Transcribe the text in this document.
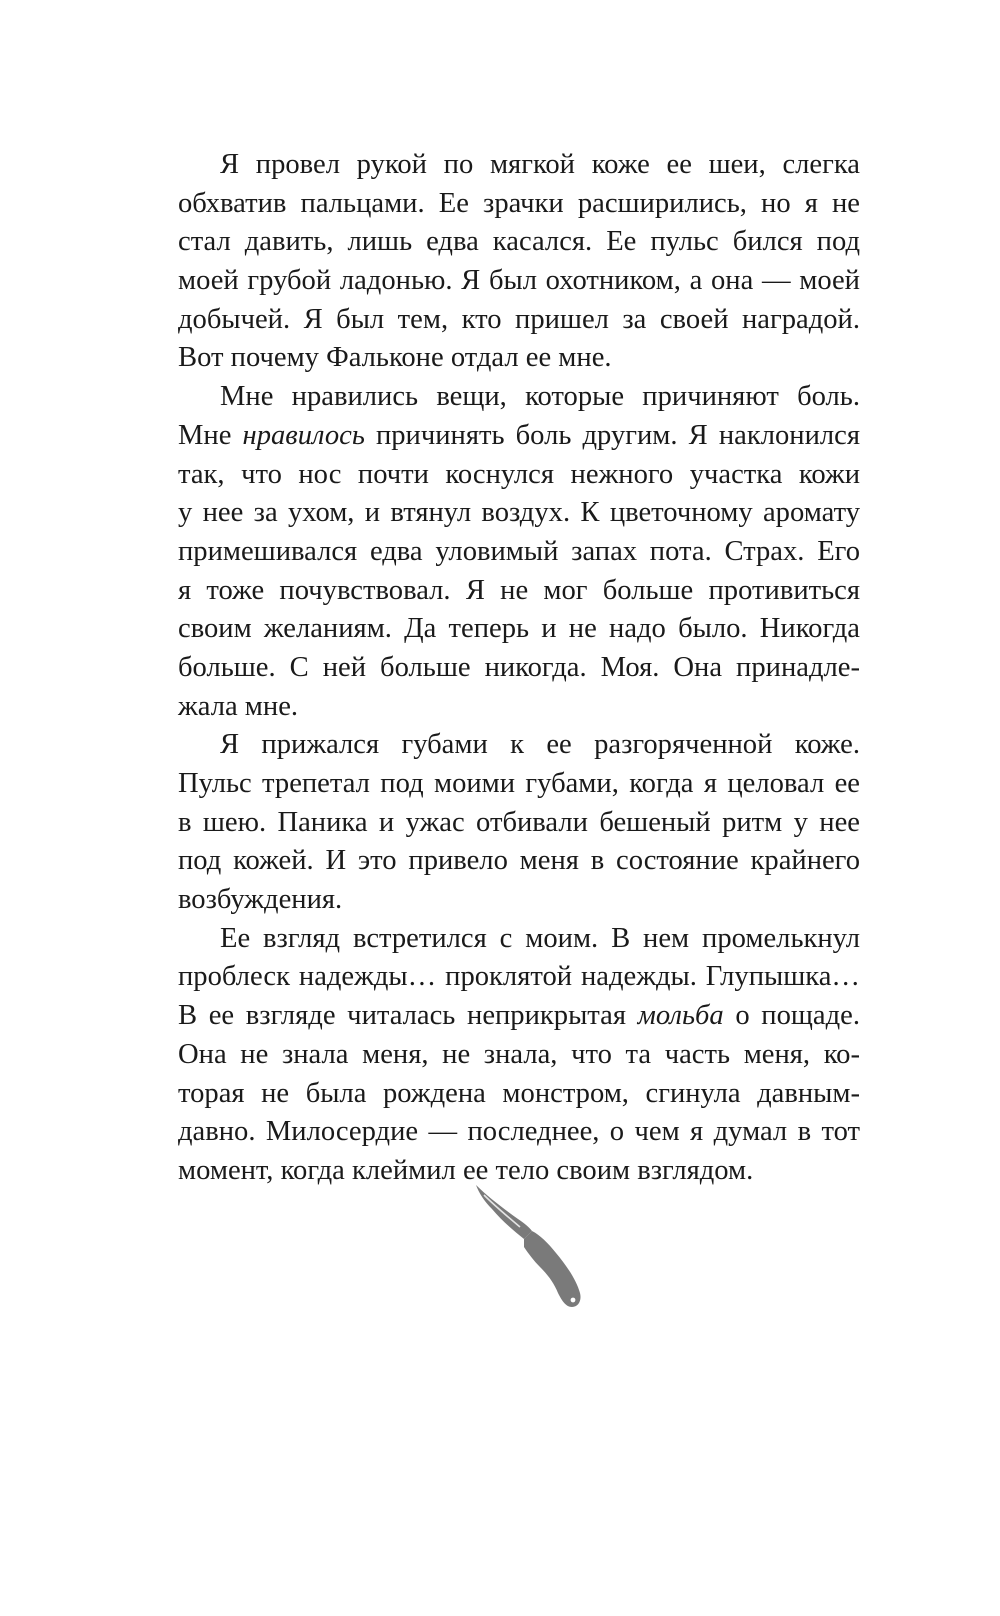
Я провел рукой по мягкой коже ее шеи, слегка
обхватив пальцами. Ее зрачки расширились, но я не
стал давить, лишь едва касался. Ее пульс бился под
моей грубой ладонью. Я был охотником, а она — моей
добычей. Я был тем, кто пришел за своей наградой.
Вот почему Фальконе отдал ее мне.
Мне нравились вещи, которые причиняют боль.
Мне нравилось причинять боль другим. Я наклонился
так, что нос почти коснулся нежного участка кожи
у нее за ухом, и втянул воздух. К цветочному аромату
примешивался едва уловимый запах пота. Страх. Его
я тоже почувствовал. Я не мог больше противиться
своим желаниям. Да теперь и не надо было. Никогда
больше. С ней больше никогда. Моя. Она принадле-
жала мне.
Я прижался губами к ее разгоряченной коже.
Пульс трепетал под моими губами, когда я целовал ее
в шею. Паника и ужас отбивали бешеный ритм у нее
под кожей. И это привело меня в состояние крайнего
возбуждения.
Ее взгляд встретился с моим. В нем промелькнул
проблеск надежды… проклятой надежды. Глупышка…
В ее взгляде читалась неприкрытая мольба о пощаде.
Она не знала меня, не знала, что та часть меня, ко-
торая не была рождена монстром, сгинула давным-
давно. Милосердие — последнее, о чем я думал в тот
момент, когда клеймил ее тело своим взглядом.
